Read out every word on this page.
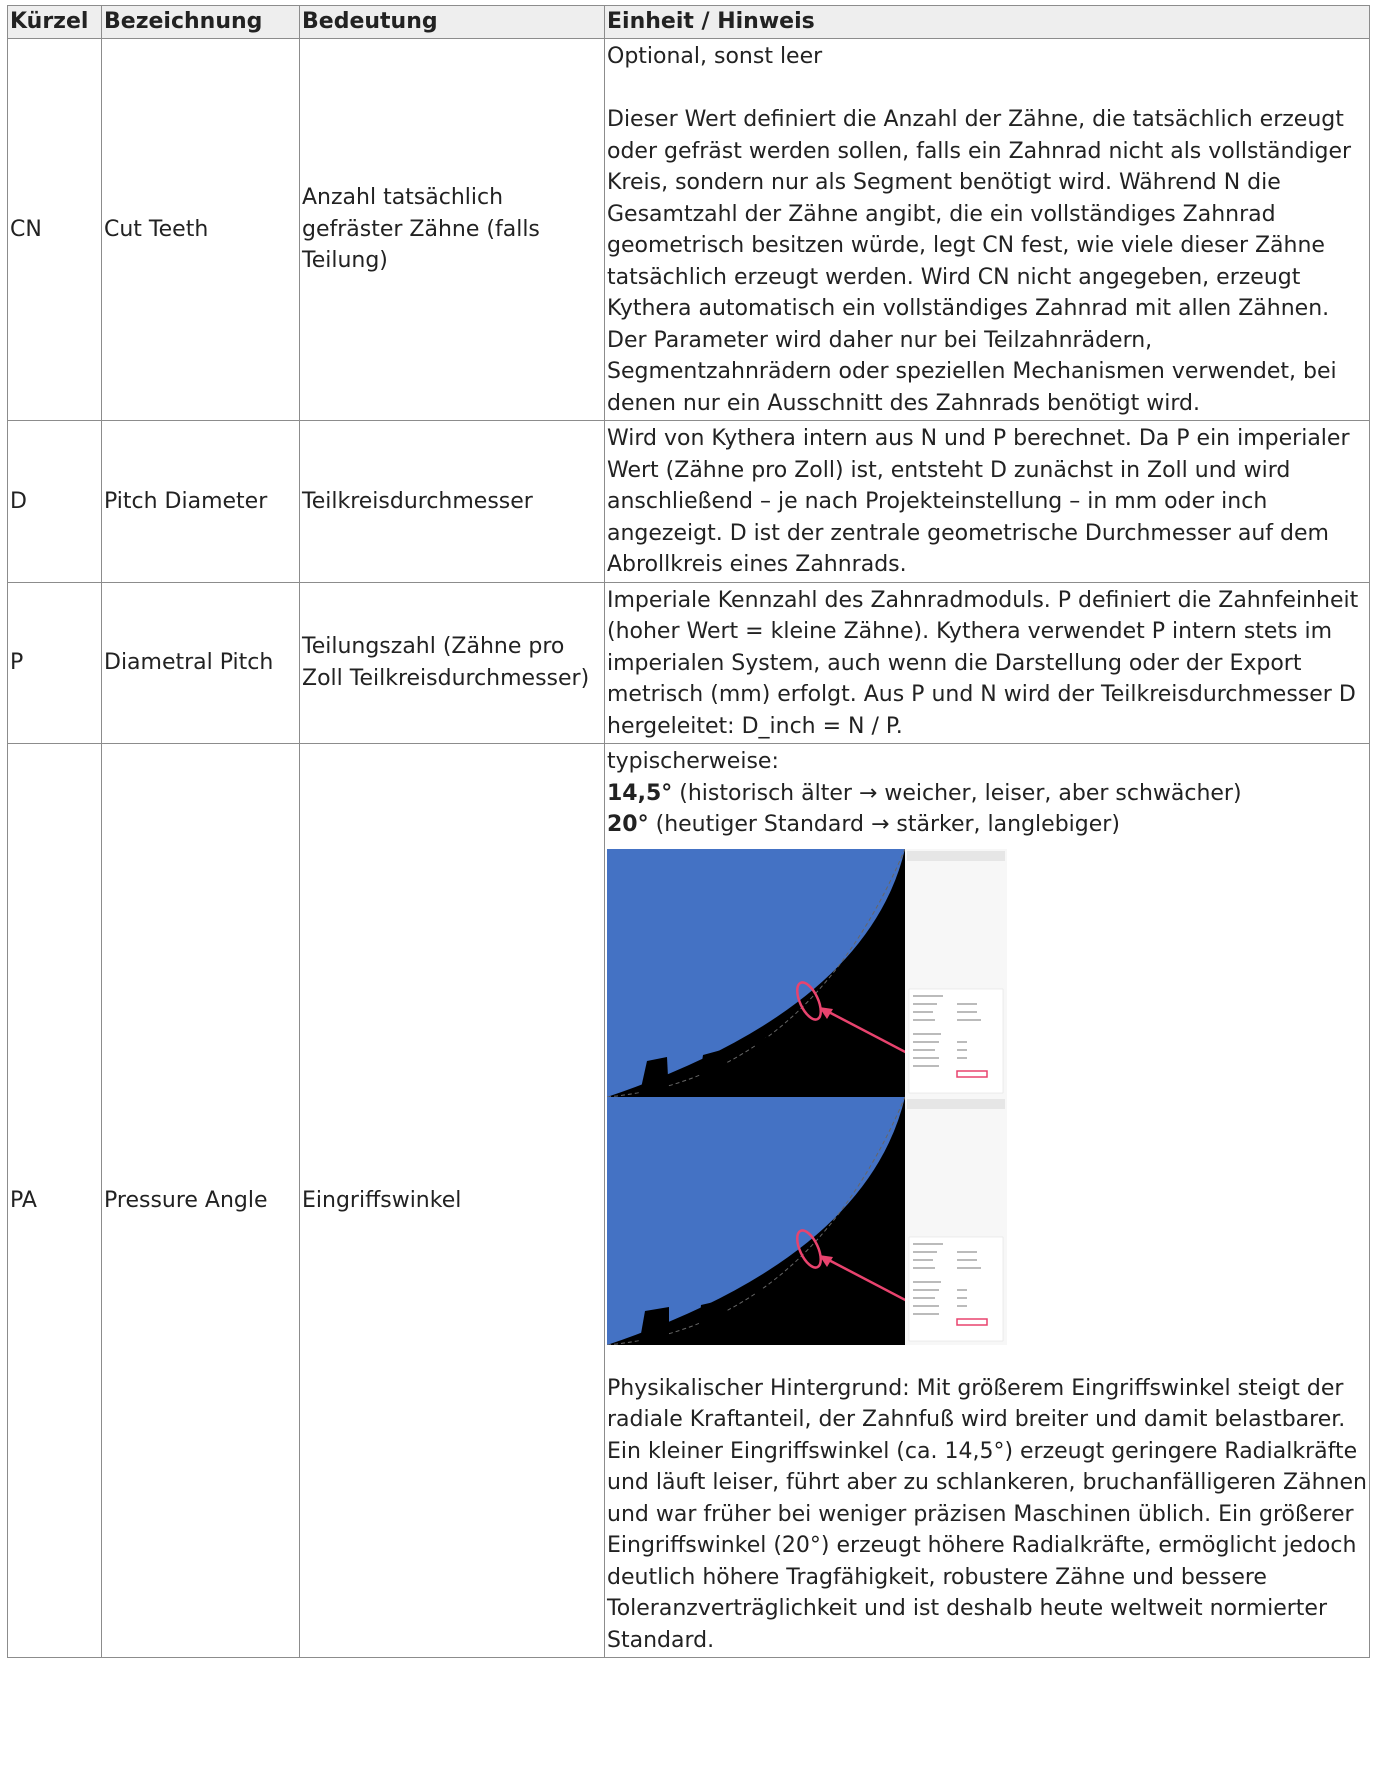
Kürzel	Bezeichnung	Bedeutung	Einheit / Hinweis
CN	Cut Teeth	Anzahl tatsächlich gefräster Zähne (falls Teilung)	Optional, sonst leer
Dieser Wert definiert die Anzahl der Zähne, die tatsächlich erzeugt oder gefräst werden sollen, falls ein Zahnrad nicht als vollständiger Kreis, sondern nur als Segment benötigt wird. Während N die Gesamtzahl der Zähne angibt, die ein vollständiges Zahnrad geometrisch besitzen würde, legt CN fest, wie viele dieser Zähne tatsächlich erzeugt werden. Wird CN nicht angegeben, erzeugt Kythera automatisch ein vollständiges Zahnrad mit allen Zähnen. Der Parameter wird daher nur bei Teilzahnrädern, Segmentzahnrädern oder speziellen Mechanismen verwendet, bei denen nur ein Ausschnitt des Zahnrads benötigt wird.

D	Pitch Diameter	Teilkreisdurchmesser	Wird von Kythera intern aus N und P berechnet. Da P ein imperialer Wert (Zähne pro Zoll) ist, entsteht D zunächst in Zoll und wird anschließend – je nach Projekteinstellung – in mm oder inch angezeigt. D ist der zentrale geometrische Durchmesser auf dem Abrollkreis eines Zahnrads.

P	Diametral Pitch	Teilungszahl (Zähne pro Zoll Teilkreisdurchmesser)	Imperiale Kennzahl des Zahnradmoduls. P definiert die Zahnfeinheit (hoher Wert = kleine Zähne). Kythera verwendet P intern stets im imperialen System, auch wenn die Darstellung oder der Export metrisch (mm) erfolgt. Aus P und N wird der Teilkreisdurchmesser D hergeleitet: D_inch = N / P.

PA	Pressure Angle	Eingriffswinkel	typischerweise:
14,5° (historisch älter → weicher, leiser, aber schwächer)
20° (heutiger Standard → stärker, langlebiger)
Physikalischer Hintergrund: Mit größerem Eingriffswinkel steigt der radiale Kraftanteil, der Zahnfuß wird breiter und damit belastbarer. Ein kleiner Eingriffswinkel (ca. 14,5°) erzeugt geringere Radialkräfte und läuft leiser, führt aber zu schlankeren, bruchanfälligeren Zähnen und war früher bei weniger präzisen Maschinen üblich. Ein größerer Eingriffswinkel (20°) erzeugt höhere Radialkräfte, ermöglicht jedoch deutlich höhere Tragfähigkeit, robustere Zähne und bessere Toleranzverträglichkeit und ist deshalb heute weltweit normierter Standard.
